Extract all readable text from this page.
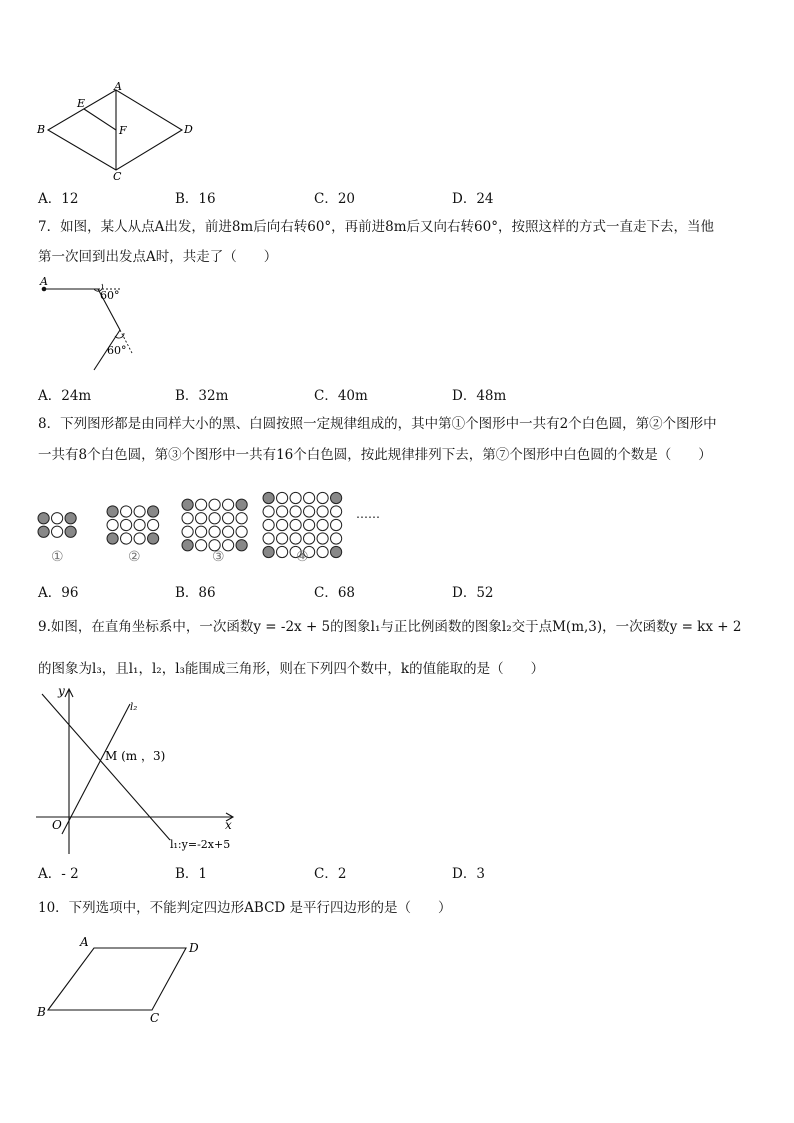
A
B
C
D
E
F
A．12	B．16	C．20	D．24
7．如图，某人从点A出发，前进8m后向右转60°，再前进8m后又向右转60°，按照这样的方式一直走下去，当他
第一次回到出发点A时，共走了（　　）
A
60°
60°
A．24m	B．32m	C．40m	D．48m
8．下列图形都是由同样大小的黑、白圆按照一定规律组成的，其中第①个图形中一共有2个白色圆，第②个图形中
一共有8个白色圆，第③个图形中一共有16个白色圆，按此规律排列下去，第⑦个图形中白色圆的个数是（　　）
①	②	③	④
……
A．96	B．86	C．68	D．52
9.如图，在直角坐标系中，一次函数y = -2x + 5的图象l₁与正比例函数的图象l₂交于点M(m,3)，一次函数y = kx + 2
的图象为l₃，且l₁，l₂，l₃能围成三角形，则在下列四个数中，k的值能取的是（　　）
y
x
O
l₂
M (m ，3)
l₁:y=-2x+5
A．- 2	B．1	C．2	D．3
10．下列选项中，不能判定四边形ABCD 是平行四边形的是（　　）
A	D
B	C
